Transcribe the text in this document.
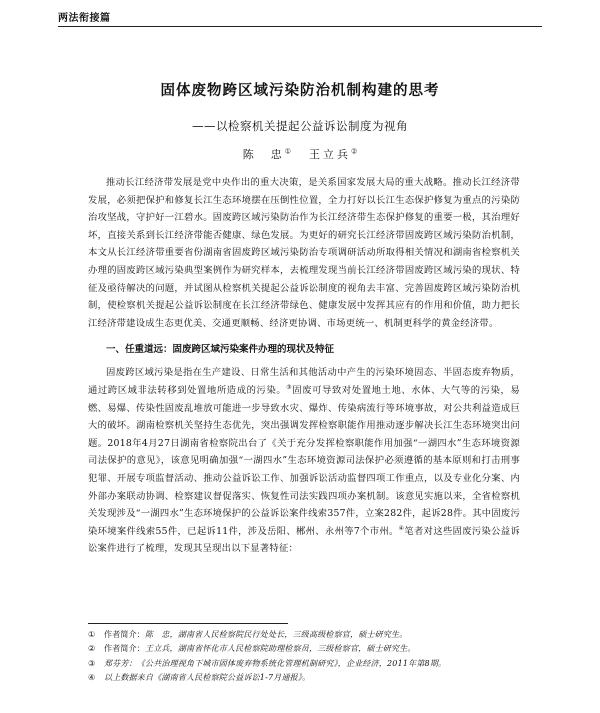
两法衔接篇
固体废物跨区域污染防治机制构建的思考
——以检察机关提起公益诉讼制度为视角
陈　忠① 王立兵②

推动长江经济带发展是党中央作出的重大决策，是关系国家发展大局的重大战略。推动长江经济带发展，必须把保护和修复长江生态环境摆在压倒性位置，全力打好以长江生态保护修复为重点的污染防治攻坚战，守护好一江碧水。固废跨区域污染防治作为长江经济带生态保护修复的重要一极，其治理好坏，直接关系到长江经济带能否健康、绿色发展。为更好的研究长江经济带固废跨区域污染防治机制，本文从长江经济带重要省份湖南省固废跨区域污染防治专项调研活动所取得相关情况和湖南省检察机关办理的固废跨区域污染典型案例作为研究样本，去梳理发现当前长江经济带固废跨区域污染的现状、特征及亟待解决的问题，并试图从检察机关提起公益诉讼制度的视角去丰富、完善固废跨区域污染防治机制，使检察机关提起公益诉讼制度在长江经济带绿色、健康发展中发挥其应有的作用和价值，助力把长江经济带建设成生态更优美、交通更顺畅、经济更协调、市场更统一、机制更科学的黄金经济带。

一、任重道远：固废跨区域污染案件办理的现状及特征

固废跨区域污染是指在生产建设、日常生活和其他活动中产生的污染环境固态、半固态废弃物质，通过跨区域非法转移到处置地所造成的污染。③固废可导致对处置地土地、水体、大气等的污染，易燃、易爆、传染性固废乱堆放可能进一步导致水灾、爆炸、传染病流行等环境事故，对公共利益造成巨大的破坏。湖南检察机关坚持生态优先，突出强调发挥检察职能作用推动逐步解决长江生态环境突出问题。2018年4月27日湖南省检察院出台了《关于充分发挥检察职能作用加强“一湖四水”生态环境资源司法保护的意见》，该意见明确加强“一湖四水”生态环境资源司法保护必须遵循的基本原则和打击刑事犯罪、开展专项监督活动、推动公益诉讼工作、加强诉讼活动监督四项工作重点，以及专业化分案、内外部办案联动协调、检察建议督促落实、恢复性司法实践四项办案机制。该意见实施以来，全省检察机关发现涉及“一湖四水”生态环境保护的公益诉讼案件线索357件，立案282件，起诉28件。其中固废污染环境案件线索55件，已起诉11件，涉及岳阳、郴州、永州等7个市州。④笔者对这些固废污染公益诉讼案件进行了梳理，发现其呈现出以下显著特征：

① 作者简介：陈　忠，湖南省人民检察院民行处处长，三级高级检察官，硕士研究生。

② 作者简介：王立兵，湖南省怀化市人民检察院助理检察员，三级检察官，硕士研究生。

③ 郑芬芳：《公共治理视角下城市固体废弃物系统化管理机制研究》，企业经济，2011年第8期。

④ 以上数据来自《湖南省人民检察院公益诉讼1-7月通报》。
